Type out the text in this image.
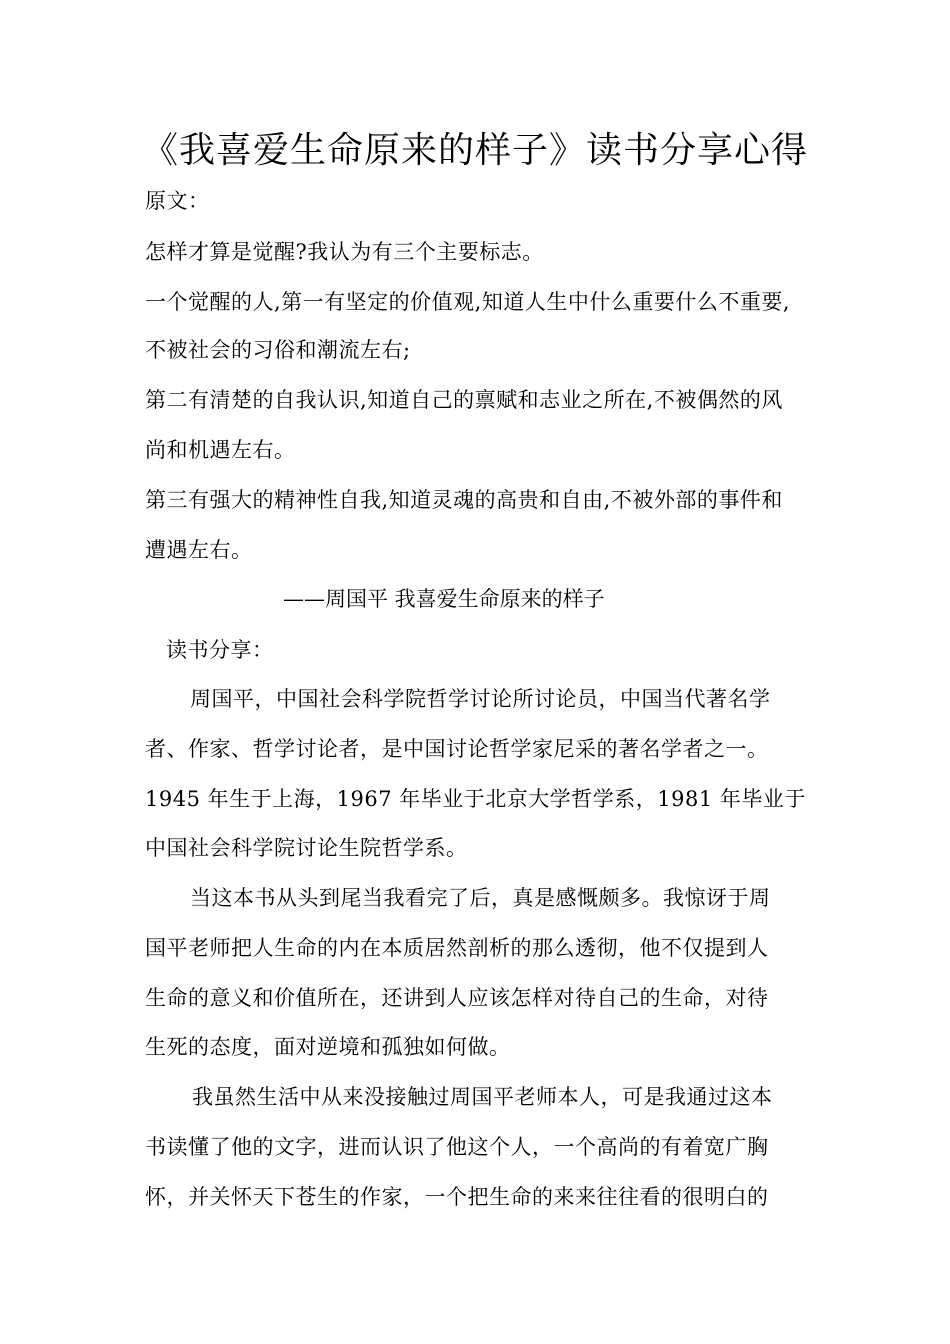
《我喜爱生命原来的样子》读书分享心得
原文：
怎样才算是觉醒?我认为有三个主要标志。
一个觉醒的人,第一有坚定的价值观,知道人生中什么重要什么不重要,
不被社会的习俗和潮流左右;
第二有清楚的自我认识,知道自己的禀赋和志业之所在,不被偶然的风
尚和机遇左右。
第三有强大的精神性自我,知道灵魂的高贵和自由,不被外部的事件和
遭遇左右。
——周国平 我喜爱生命原来的样子
读书分享：
周国平，中国社会科学院哲学讨论所讨论员，中国当代著名学
者、作家、哲学讨论者，是中国讨论哲学家尼采的著名学者之一。
1945 年生于上海，1967 年毕业于北京大学哲学系，1981 年毕业于
中国社会科学院讨论生院哲学系。
当这本书从头到尾当我看完了后，真是感慨颇多。我惊讶于周
国平老师把人生命的内在本质居然剖析的那么透彻，他不仅提到人
生命的意义和价值所在，还讲到人应该怎样对待自己的生命，对待
生死的态度，面对逆境和孤独如何做。
我虽然生活中从来没接触过周国平老师本人，可是我通过这本
书读懂了他的文字，进而认识了他这个人，一个高尚的有着宽广胸
怀，并关怀天下苍生的作家，一个把生命的来来往往看的很明白的
